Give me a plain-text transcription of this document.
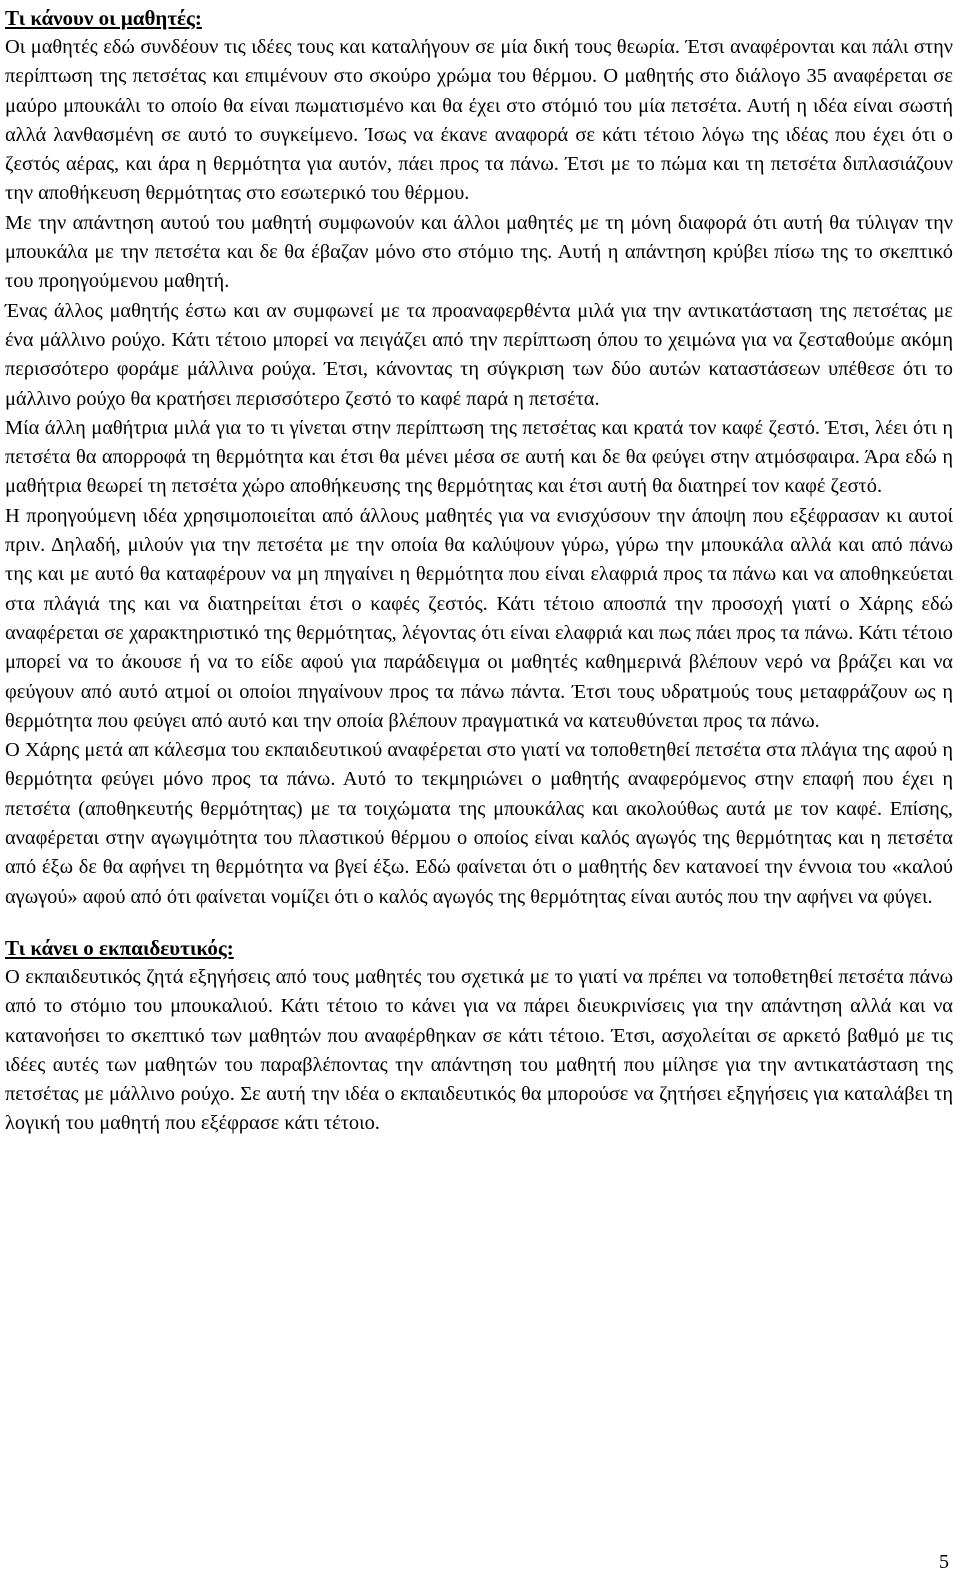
Τι κάνουν οι μαθητές:

Οι μαθητές εδώ συνδέουν τις ιδέες τους και καταλήγουν σε μία δική τους θεωρία. Έτσι αναφέρονται και πάλι στην περίπτωση της πετσέτας και επιμένουν στο σκούρο χρώμα του θέρμου. Ο μαθητής στο διάλογο 35 αναφέρεται σε μαύρο μπουκάλι το οποίο θα είναι πωματισμένο και θα έχει στο στόμιό του μία πετσέτα. Αυτή η ιδέα είναι σωστή αλλά λανθασμένη σε αυτό το συγκείμενο. Ίσως να έκανε αναφορά σε κάτι τέτοιο λόγω της ιδέας που έχει ότι ο ζεστός αέρας, και άρα η θερμότητα για αυτόν, πάει προς τα πάνω. Έτσι με το πώμα και τη πετσέτα διπλασιάζουν την αποθήκευση θερμότητας στο εσωτερικό του θέρμου.

Με την απάντηση αυτού του μαθητή συμφωνούν και άλλοι μαθητές με τη μόνη διαφορά ότι αυτή θα τύλιγαν την μπουκάλα με την πετσέτα και δε θα έβαζαν μόνο στο στόμιο της. Αυτή η απάντηση κρύβει πίσω της το σκεπτικό του προηγούμενου μαθητή.

Ένας άλλος μαθητής έστω και αν συμφωνεί με τα προαναφερθέντα μιλά για την αντικατάσταση της πετσέτας με ένα μάλλινο ρούχο. Κάτι τέτοιο μπορεί να πειγάζει από την περίπτωση όπου το χειμώνα για να ζεσταθούμε ακόμη περισσότερο φοράμε μάλλινα ρούχα. Έτσι, κάνοντας τη σύγκριση των δύο αυτών καταστάσεων υπέθεσε ότι το μάλλινο ρούχο θα κρατήσει περισσότερο ζεστό το καφέ παρά η πετσέτα.

Μία άλλη μαθήτρια μιλά για το τι γίνεται στην περίπτωση της πετσέτας και κρατά τον καφέ ζεστό. Έτσι, λέει ότι η πετσέτα θα απορροφά τη θερμότητα και έτσι θα μένει μέσα σε αυτή και δε θα φεύγει στην ατμόσφαιρα. Άρα εδώ η μαθήτρια θεωρεί τη πετσέτα χώρο αποθήκευσης της θερμότητας και έτσι αυτή θα διατηρεί τον καφέ ζεστό.

Η προηγούμενη ιδέα χρησιμοποιείται από άλλους μαθητές για να ενισχύσουν την άποψη που εξέφρασαν κι αυτοί πριν. Δηλαδή, μιλούν για την πετσέτα με την οποία θα καλύψουν γύρω, γύρω την μπουκάλα αλλά και από πάνω της και με αυτό θα καταφέρουν να μη πηγαίνει η θερμότητα που είναι ελαφριά προς τα πάνω και να αποθηκεύεται στα πλάγιά της και να διατηρείται έτσι ο καφές ζεστός. Κάτι τέτοιο αποσπά την προσοχή γιατί ο Χάρης εδώ αναφέρεται σε χαρακτηριστικό της θερμότητας, λέγοντας ότι είναι ελαφριά και πως πάει προς τα πάνω. Κάτι τέτοιο μπορεί να το άκουσε ή να το είδε αφού για παράδειγμα οι μαθητές καθημερινά βλέπουν νερό να βράζει και να φεύγουν από αυτό ατμοί οι οποίοι πηγαίνουν προς τα πάνω πάντα. Έτσι τους υδρατμούς τους μεταφράζουν ως η θερμότητα που φεύγει από αυτό και την οποία βλέπουν πραγματικά να κατευθύνεται προς τα πάνω.

Ο Χάρης μετά απ κάλεσμα του εκπαιδευτικού αναφέρεται στο γιατί να τοποθετηθεί πετσέτα στα πλάγια της αφού η θερμότητα φεύγει μόνο προς τα πάνω. Αυτό το τεκμηριώνει ο μαθητής αναφερόμενος στην επαφή που έχει η πετσέτα (αποθηκευτής θερμότητας) με τα τοιχώματα της μπουκάλας και ακολούθως αυτά με τον καφέ. Επίσης, αναφέρεται στην αγωγιμότητα του πλαστικού θέρμου ο οποίος είναι καλός αγωγός της θερμότητας και η πετσέτα από έξω δε θα αφήνει τη θερμότητα να βγεί έξω. Εδώ φαίνεται ότι ο μαθητής δεν κατανοεί την έννοια του «καλού αγωγού» αφού από ότι φαίνεται νομίζει ότι ο καλός αγωγός της θερμότητας είναι αυτός που την αφήνει να φύγει.

Τι κάνει ο εκπαιδευτικός:

Ο εκπαιδευτικός ζητά εξηγήσεις από τους μαθητές του σχετικά με το γιατί να πρέπει να τοποθετηθεί πετσέτα πάνω από το στόμιο του μπουκαλιού. Κάτι τέτοιο το κάνει για να πάρει διευκρινίσεις για την απάντηση αλλά και να κατανοήσει το σκεπτικό των μαθητών που αναφέρθηκαν σε κάτι τέτοιο. Έτσι, ασχολείται σε αρκετό βαθμό με τις ιδέες αυτές των μαθητών του παραβλέποντας την απάντηση του μαθητή που μίλησε για την αντικατάσταση της πετσέτας με μάλλινο ρούχο. Σε αυτή την ιδέα ο εκπαιδευτικός θα μπορούσε να ζητήσει εξηγήσεις για καταλάβει τη λογική του μαθητή που εξέφρασε κάτι τέτοιο.

5
